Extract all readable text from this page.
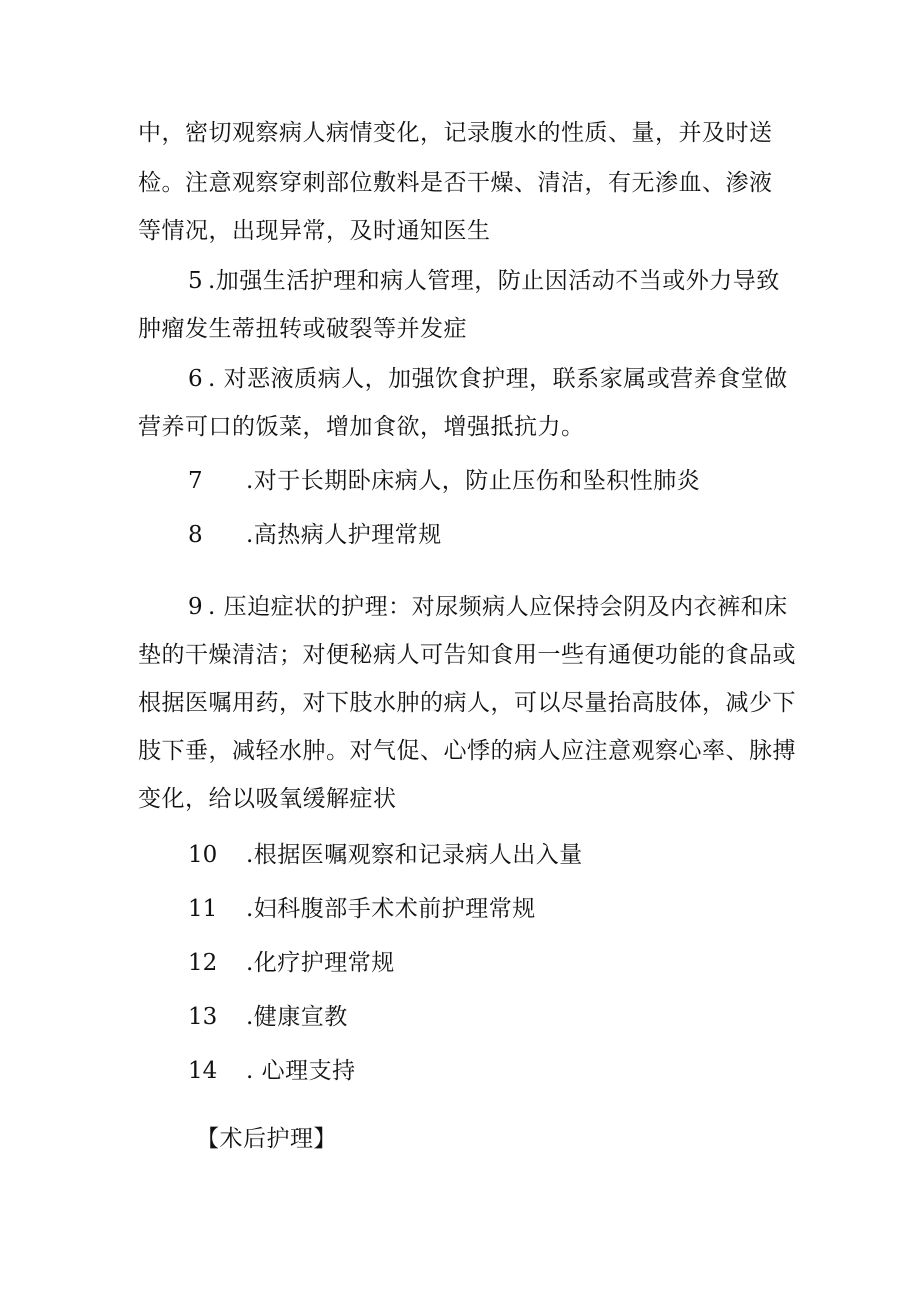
中，密切观察病人病情变化，记录腹水的性质、量，并及时送
检。注意观察穿刺部位敷料是否干燥、清洁，有无渗血、渗液
等情况，出现异常，及时通知医生
5 .加强生活护理和病人管理，防止因活动不当或外力导致
肿瘤发生蒂扭转或破裂等并发症
6 . 对恶液质病人，加强饮食护理，联系家属或营养食堂做
营养可口的饭菜，增加食欲，增强抵抗力。
7 .对于长期卧床病人，防止压伤和坠积性肺炎
8 .高热病人护理常规
9 . 压迫症状的护理：对尿频病人应保持会阴及内衣裤和床
垫的干燥清洁；对便秘病人可告知食用一些有通便功能的食品或
根据医嘱用药，对下肢水肿的病人，可以尽量抬高肢体，减少下
肢下垂，减轻水肿。对气促、心悸的病人应注意观察心率、脉搏
变化，给以吸氧缓解症状
10 .根据医嘱观察和记录病人出入量
11 .妇科腹部手术术前护理常规
12 .化疗护理常规
13 .健康宣教
14 . 心理支持
【术后护理】
